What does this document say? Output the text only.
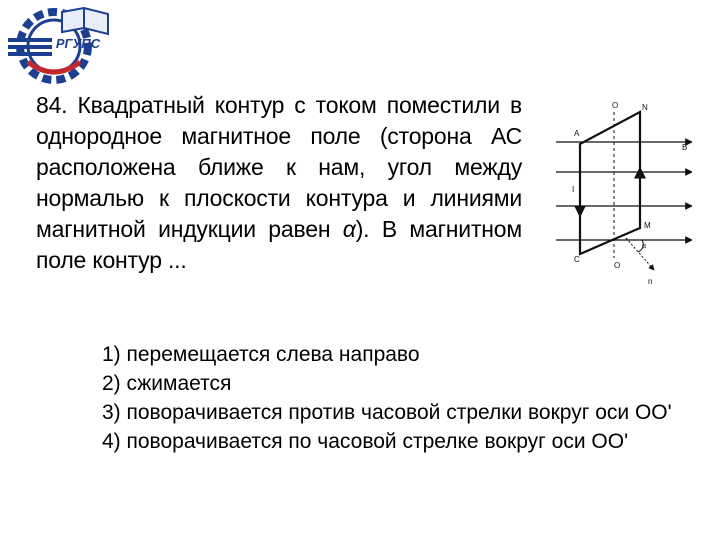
РГУПС
84. Квадратный контур с током поместили в однородное магнитное поле (сторона АС расположена ближе к нам, угол между нормалью к плоскости контура и линиями магнитной индукции равен α). В магнитном поле контур ...
O	N
A
B
I
M
C
O
α
n
1) перемещается слева направо
2) сжимается
3) поворачивается против часовой стрелки вокруг оси OO'
4) поворачивается по часовой стрелке вокруг оси OO'
